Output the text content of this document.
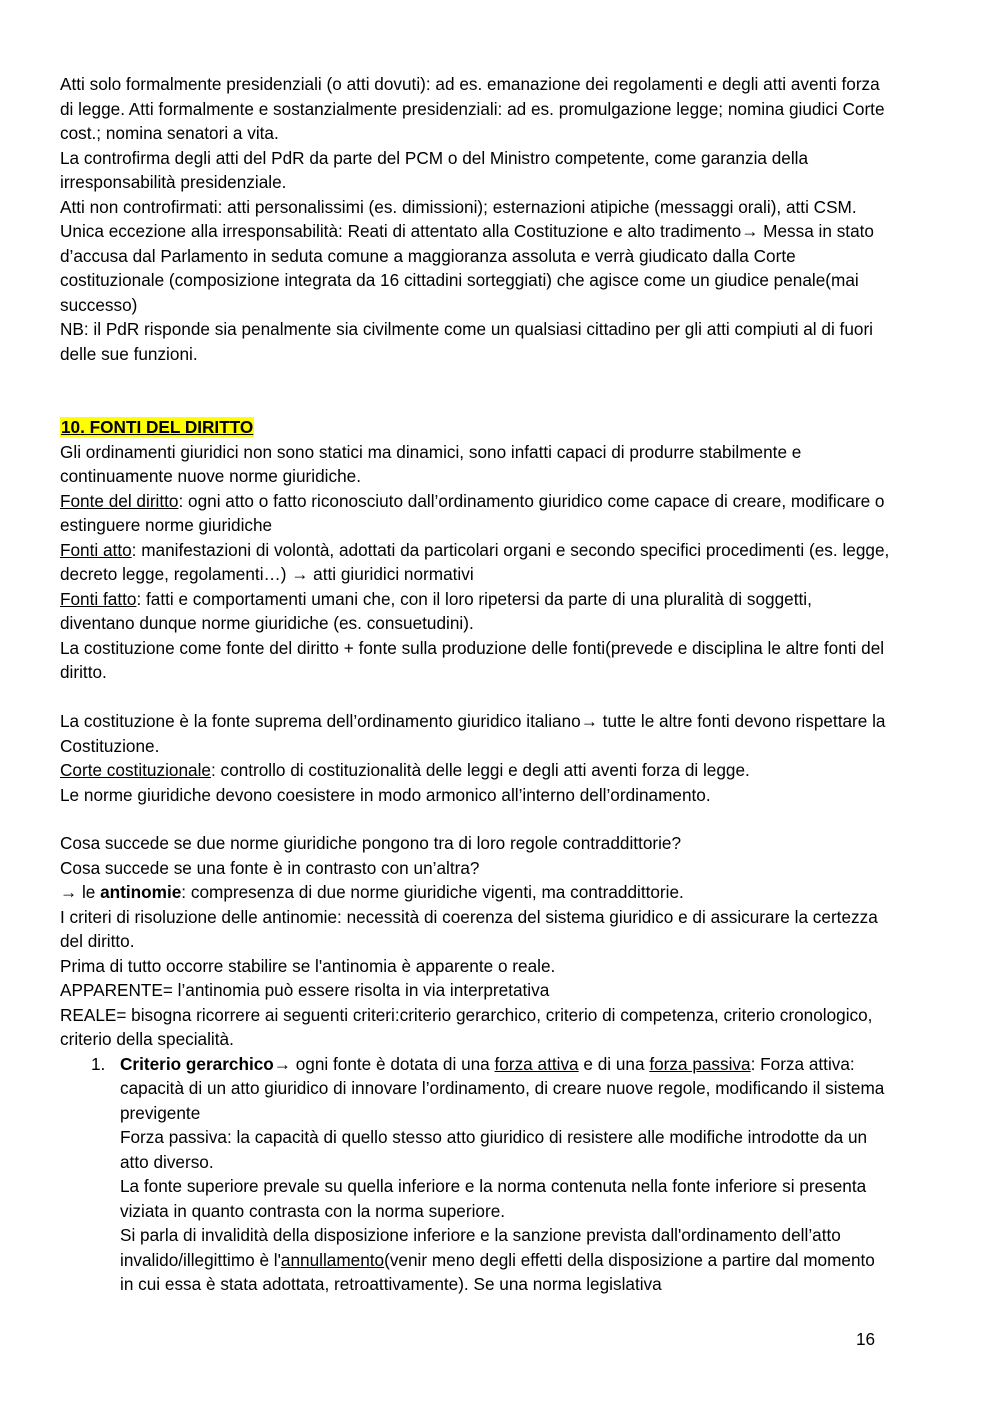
Atti solo formalmente presidenziali (o atti dovuti): ad es. emanazione dei regolamenti e degli atti aventi forza di legge. Atti formalmente e sostanzialmente presidenziali: ad es. promulgazione legge; nomina giudici Corte cost.; nomina senatori a vita.

La controfirma degli atti del PdR da parte del PCM o del Ministro competente, come garanzia della irresponsabilità presidenziale.

Atti non controfirmati: atti personalissimi (es. dimissioni); esternazioni atipiche (messaggi orali), atti CSM.

Unica eccezione alla irresponsabilità: Reati di attentato alla Costituzione e alto tradimento→ Messa in stato d’accusa dal Parlamento in seduta comune a maggioranza assoluta e verrà giudicato dalla Corte costituzionale (composizione integrata da 16 cittadini sorteggiati) che agisce come un giudice penale(mai successo)

NB: il PdR risponde sia penalmente sia civilmente come un qualsiasi cittadino per gli atti compiuti al di fuori delle sue funzioni.

10. FONTI DEL DIRITTO

Gli ordinamenti giuridici non sono statici ma dinamici, sono infatti capaci di produrre stabilmente e continuamente nuove norme giuridiche.

Fonte del diritto: ogni atto o fatto riconosciuto dall’ordinamento giuridico come capace di creare, modificare o estinguere norme giuridiche

Fonti atto: manifestazioni di volontà, adottati da particolari organi e secondo specifici procedimenti (es. legge, decreto legge, regolamenti…) → atti giuridici normativi

Fonti fatto: fatti e comportamenti umani che, con il loro ripetersi da parte di una pluralità di soggetti, diventano dunque norme giuridiche (es. consuetudini).

La costituzione come fonte del diritto + fonte sulla produzione delle fonti(prevede e disciplina le altre fonti del diritto.

La costituzione è la fonte suprema dell’ordinamento giuridico italiano→ tutte le altre fonti devono rispettare la Costituzione.

Corte costituzionale: controllo di costituzionalità delle leggi e degli atti aventi forza di legge.

Le norme giuridiche devono coesistere in modo armonico all’interno dell’ordinamento.

Cosa succede se due norme giuridiche pongono tra di loro regole contraddittorie?

Cosa succede se una fonte è in contrasto con un’altra?

→ le antinomie: compresenza di due norme giuridiche vigenti, ma contraddittorie.

I criteri di risoluzione delle antinomie: necessità di coerenza del sistema giuridico e di assicurare la certezza del diritto.

Prima di tutto occorre stabilire se l'antinomia è apparente o reale.

APPARENTE= l’antinomia può essere risolta in via interpretativa

REALE= bisogna ricorrere ai seguenti criteri:criterio gerarchico, criterio di competenza, criterio cronologico, criterio della specialità.

1. Criterio gerarchico→ ogni fonte è dotata di una forza attiva e di una forza passiva: Forza attiva: capacità di un atto giuridico di innovare l’ordinamento, di creare nuove regole, modificando il sistema previgente

Forza passiva: la capacità di quello stesso atto giuridico di resistere alle modifiche introdotte da un atto diverso.

La fonte superiore prevale su quella inferiore e la norma contenuta nella fonte inferiore si presenta viziata in quanto contrasta con la norma superiore.

Si parla di invalidità della disposizione inferiore e la sanzione prevista dall'ordinamento dell’atto invalido/illegittimo è l'annullamento(venir meno degli effetti della disposizione a partire dal momento in cui essa è stata adottata, retroattivamente). Se una norma legislativa

16
